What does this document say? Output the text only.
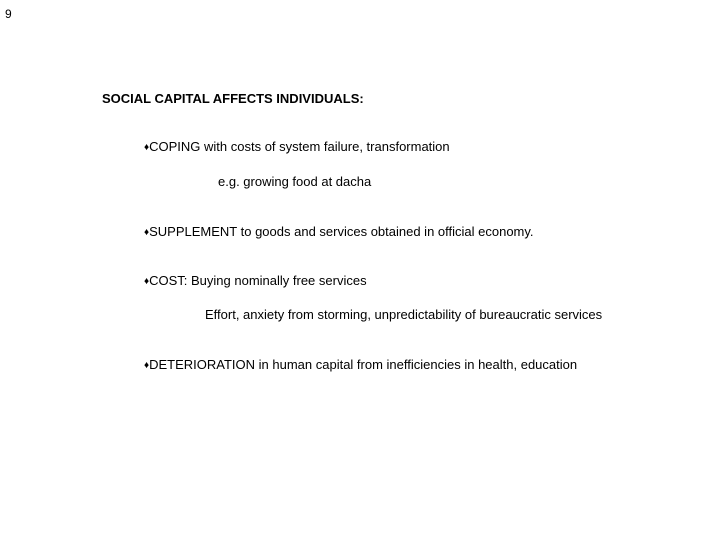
9
SOCIAL CAPITAL AFFECTS INDIVIDUALS:
♦COPING with costs of system failure, transformation
e.g. growing food at dacha
♦SUPPLEMENT to goods and services obtained in official economy.
♦COST: Buying nominally free services
Effort, anxiety from storming, unpredictability of bureaucratic services
♦DETERIORATION in human capital from inefficiencies in health, education
